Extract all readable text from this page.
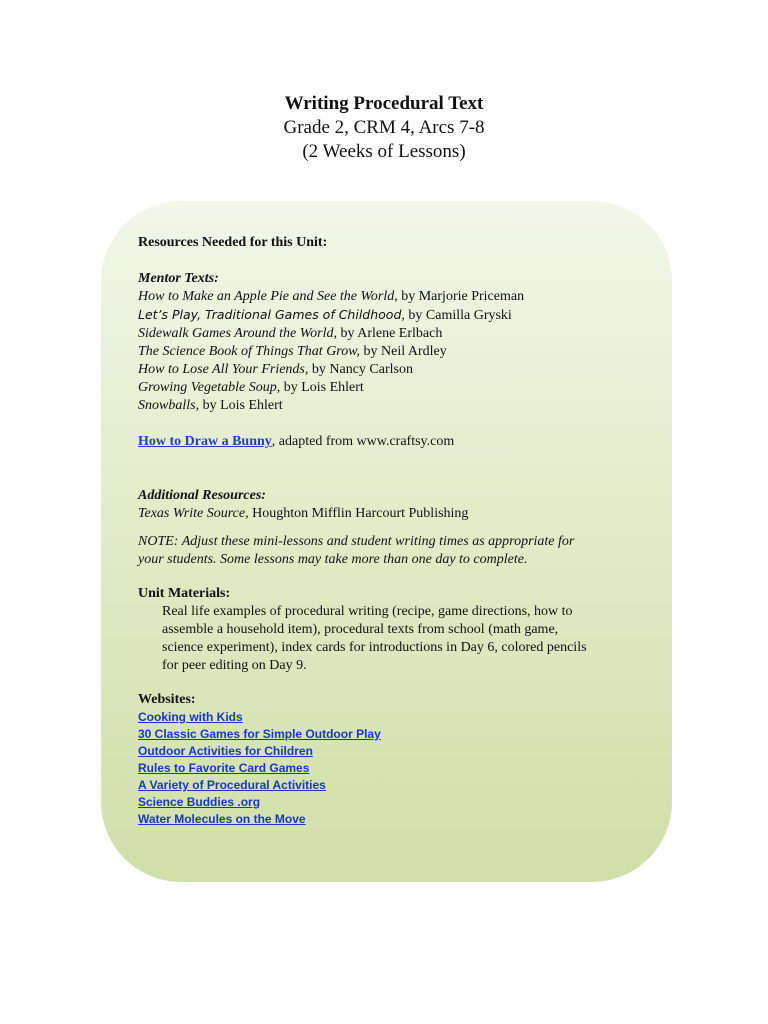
Writing Procedural Text
Grade 2, CRM 4, Arcs 7-8
(2 Weeks of Lessons)
Resources Needed for this Unit:
Mentor Texts:
How to Make an Apple Pie and See the World, by Marjorie Priceman
Let’s Play, Traditional Games of Childhood, by Camilla Gryski
Sidewalk Games Around the World, by Arlene Erlbach
The Science Book of Things That Grow, by Neil Ardley
How to Lose All Your Friends, by Nancy Carlson
Growing Vegetable Soup, by Lois Ehlert
Snowballs, by Lois Ehlert
How to Draw a Bunny, adapted from www.craftsy.com
Additional Resources:
Texas Write Source, Houghton Mifflin Harcourt Publishing
NOTE: Adjust these mini-lessons and student writing times as appropriate for
your students. Some lessons may take more than one day to complete.
Unit Materials:
Real life examples of procedural writing (recipe, game directions, how to
assemble a household item), procedural texts from school (math game,
science experiment), index cards for introductions in Day 6, colored pencils
for peer editing on Day 9.
Websites:
Cooking with Kids
30 Classic Games for Simple Outdoor Play
Outdoor Activities for Children
Rules to Favorite Card Games
A Variety of Procedural Activities
Science Buddies .org
Water Molecules on the Move
